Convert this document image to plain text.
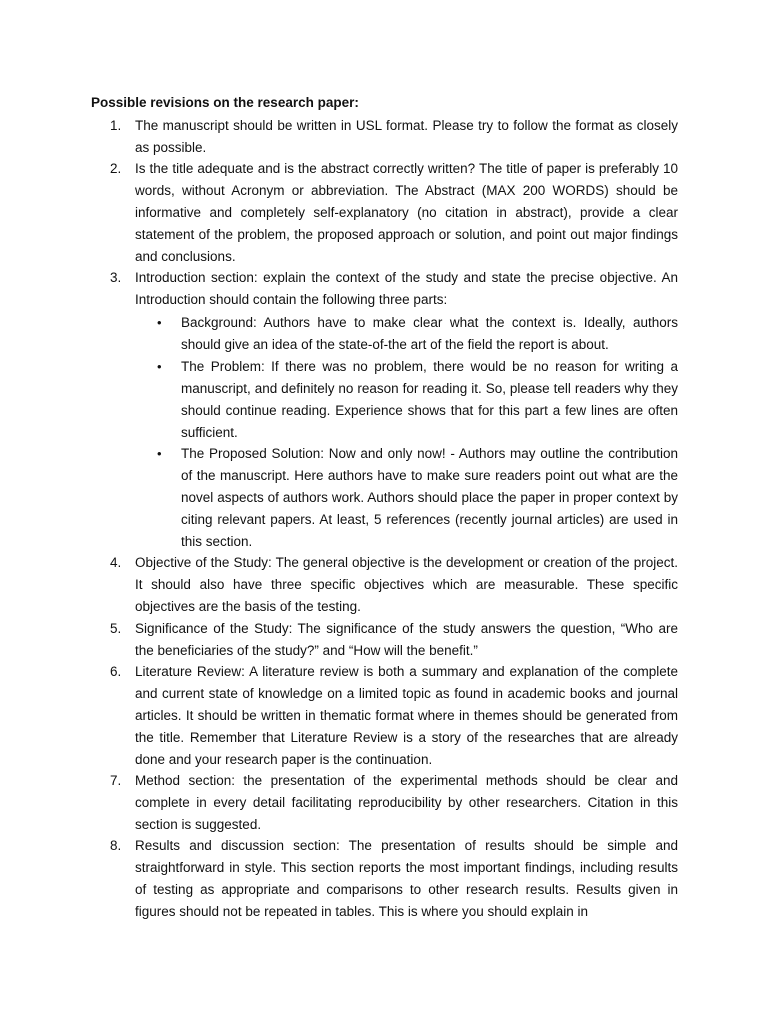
Possible revisions on the research paper:
1.	The manuscript should be written in USL format. Please try to follow the format as closely as possible.
2.	Is the title adequate and is the abstract correctly written? The title of paper is preferably 10 words, without Acronym or abbreviation. The Abstract (MAX 200 WORDS) should be informative and completely self-explanatory (no citation in abstract), provide a clear statement of the problem, the proposed approach or solution, and point out major findings and conclusions.
3.	Introduction section: explain the context of the study and state the precise objective. An Introduction should contain the following three parts:
• Background: Authors have to make clear what the context is. Ideally, authors should give an idea of the state-of-the art of the field the report is about.
• The Problem: If there was no problem, there would be no reason for writing a manuscript, and definitely no reason for reading it. So, please tell readers why they should continue reading. Experience shows that for this part a few lines are often sufficient.
• The Proposed Solution: Now and only now! - Authors may outline the contribution of the manuscript. Here authors have to make sure readers point out what are the novel aspects of authors work. Authors should place the paper in proper context by citing relevant papers. At least, 5 references (recently journal articles) are used in this section.
4.	Objective of the Study: The general objective is the development or creation of the project. It should also have three specific objectives which are measurable. These specific objectives are the basis of the testing.
5.	Significance of the Study: The significance of the study answers the question, “Who are the beneficiaries of the study?” and “How will the benefit.”
6.	Literature Review: A literature review is both a summary and explanation of the complete and current state of knowledge on a limited topic as found in academic books and journal articles. It should be written in thematic format where in themes should be generated from the title. Remember that Literature Review is a story of the researches that are already done and your research paper is the continuation.
7.	Method section: the presentation of the experimental methods should be clear and complete in every detail facilitating reproducibility by other researchers. Citation in this section is suggested.
8.	Results and discussion section: The presentation of results should be simple and straightforward in style. This section reports the most important findings, including results of testing as appropriate and comparisons to other research results. Results given in figures should not be repeated in tables. This is where you should explain in
